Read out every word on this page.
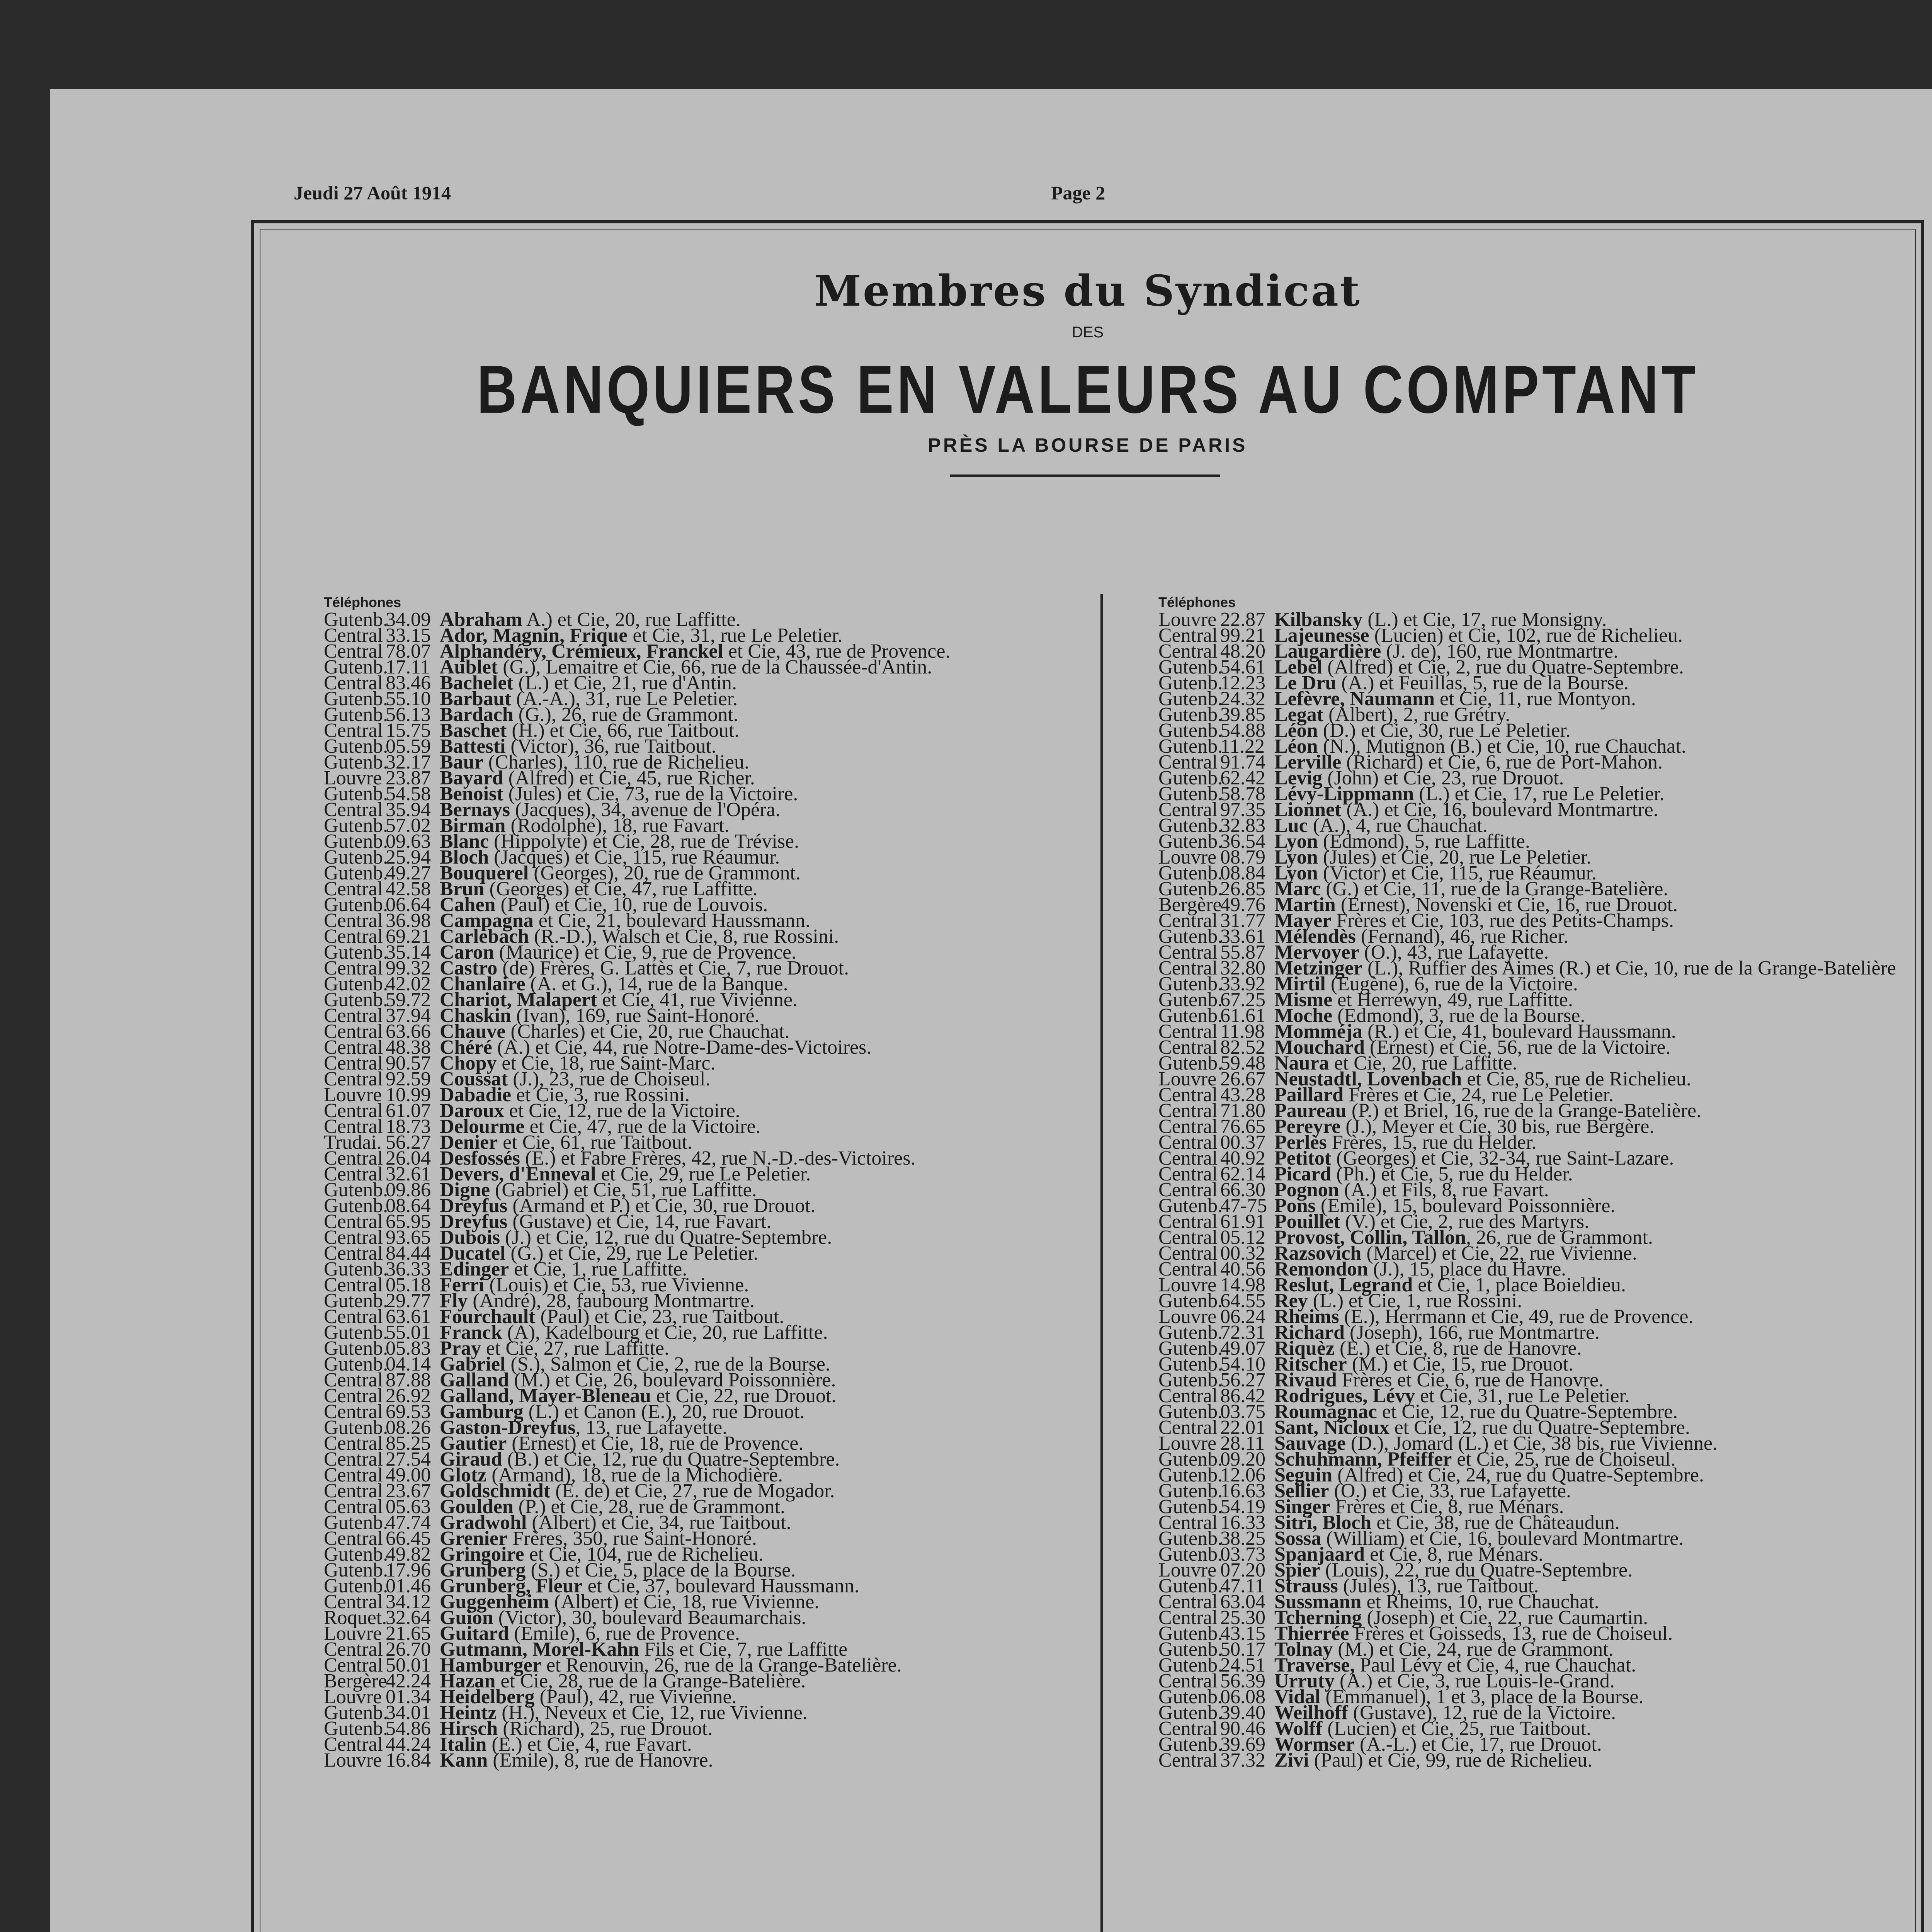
Jeudi 27 Août 1914	Page 2
Membres du Syndicat
DES
BANQUIERS EN VALEURS AU COMPTANT
PRÈS LA BOURSE DE PARIS
Téléphones	Téléphones
Gutenb.34.09 Abraham A.) et Cie, 20, rue Laffitte.
Central 33.15 Ador, Magnin, Frique et Cie, 31, rue Le Peletier.
Central 78.07 Alphandéry, Crémieux, Franckel et Cie, 43, rue de Provence.
Gutenb.17.11 Aublet (G.), Lemaitre et Cie, 66, rue de la Chaussée-d'Antin.
Central 83.46 Bachelet (L.) et Cie, 21, rue d'Antin.
Gutenb.55.10 Barbaut (A.-A.), 31, rue Le Peletier.
Gutenb.56.13 Bardach (G.), 26, rue de Grammont.
Central 15.75 Baschet (H.) et Cie, 66, rue Taitbout.
Gutenb.05.59 Battesti (Victor), 36, rue Taitbout.
Gutenb.32.17 Baur (Charles), 110, rue de Richelieu.
Louvre 23.87 Bayard (Alfred) et Cie, 45, rue Richer.
Gutenb.54.58 Benoist (Jules) et Cie, 73, rue de la Victoire.
Central 35.94 Bernays (Jacques), 34, avenue de l'Opéra.
Gutenb.57.02 Birman (Rodolphe), 18, rue Favart.
Gutenb.09.63 Blanc (Hippolyte) et Cie, 28, rue de Trévise.
Gutenb.25.94 Bloch (Jacques) et Cie, 115, rue Réaumur.
Gutenb.49.27 Bouquerel (Georges), 20, rue de Grammont.
Central 42.58 Brun (Georges) et Cie, 47, rue Laffitte.
Gutenb.06.64 Cahen (Paul) et Cie, 10, rue de Louvois.
Central 36.98 Campagna et Cie, 21, boulevard Haussmann.
Central 69.21 Carlebach (R.-D.), Walsch et Cie, 8, rue Rossini.
Gutenb.35.14 Caron (Maurice) et Cie, 9, rue de Provence.
Central 99.32 Castro (de) Frères, G. Lattès et Cie, 7, rue Drouot.
Gutenb.42.02 Chanlaire (A. et G.), 14, rue de la Banque.
Gutenb.59.72 Chariot, Malapert et Cie, 41, rue Vivienne.
Central 37.94 Chaskin (Ivan), 169, rue Saint-Honoré.
Central 63.66 Chauve (Charles) et Cie, 20, rue Chauchat.
Central 48.38 Chéré (A.) et Cie, 44, rue Notre-Dame-des-Victoires.
Central 90.57 Chopy et Cie, 18, rue Saint-Marc.
Central 92.59 Coussat (J.), 23, rue de Choiseul.
Louvre 10.99 Dabadie et Cie, 3, rue Rossini.
Central 61.07 Daroux et Cie, 12, rue de la Victoire.
Central 18.73 Delourme et Cie, 47, rue de la Victoire.
Trudai. 56.27 Denier et Cie, 61, rue Taitbout.
Central 26.04 Desfossés (E.) et Fabre Frères, 42, rue N.-D.-des-Victoires.
Central 32.61 Devers, d'Enneval et Cie, 29, rue Le Peletier.
Gutenb.09.86 Digne (Gabriel) et Cie, 51, rue Laffitte.
Gutenb.08.64 Dreyfus (Armand et P.) et Cie, 30, rue Drouot.
Central 65.95 Dreyfus (Gustave) et Cie, 14, rue Favart.
Central 93.65 Dubois (J.) et Cie, 12, rue du Quatre-Septembre.
Central 84.44 Ducatel (G.) et Cie, 29, rue Le Peletier.
Gutenb.36.33 Edinger et Cie, 1, rue Laffitte.
Central 05.18 Ferri (Louis) et Cie, 53, rue Vivienne.
Gutenb.29.77 Fly (André), 28, faubourg Montmartre.
Central 63.61 Fourchault (Paul) et Cie, 23, rue Taitbout.
Gutenb.55.01 Franck (A), Kadelbourg et Cie, 20, rue Laffitte.
Gutenb.05.83 Pray et Cie, 27, rue Laffitte.
Gutenb.04.14 Gabriel (S.), Salmon et Cie, 2, rue de la Bourse.
Central 87.88 Galland (M.) et Cie, 26, boulevard Poissonnière.
Central 26.92 Galland, Mayer-Bleneau et Cie, 22, rue Drouot.
Central 69.53 Gamburg (L.) et Canon (E.), 20, rue Drouot.
Gutenb.08.26 Gaston-Dreyfus, 13, rue Lafayette.
Central 85.25 Gautier (Ernest) et Cie, 18, rue de Provence.
Central 27.54 Giraud (B.) et Cie, 12, rue du Quatre-Septembre.
Central 49.00 Glotz (Armand), 18, rue de la Michodière.
Central 23.67 Goldschmidt (E. de) et Cie, 27, rue de Mogador.
Central 05.63 Goulden (P.) et Cie, 28, rue de Grammont.
Gutenb.47.74 Gradwohl (Albert) et Cie, 34, rue Taitbout.
Central 66.45 Grenier Frères, 350, rue Saint-Honoré.
Gutenb.49.82 Gringoire et Cie, 104, rue de Richelieu.
Gutenb.17.96 Grunberg (S.) et Cie, 5, place de la Bourse.
Gutenb.01.46 Grunberg, Fleur et Cie, 37, boulevard Haussmann.
Central 34.12 Guggenheim (Albert) et Cie, 18, rue Vivienne.
Roquet.32.64 Guion (Victor), 30, boulevard Beaumarchais.
Louvre 21.65 Guitard (Emile), 6, rue de Provence.
Central 26.70 Gutmann, Morel-Kahn Fils et Cie, 7, rue Laffitte
Central 50.01 Hamburger et Renouvin, 26, rue de la Grange-Batelière.
Bergère42.24 Hazan et Cie, 28, rue de la Grange-Batelière.
Louvre 01.34 Heidelberg (Paul), 42, rue Vivienne.
Gutenb.34.01 Heintz (H.), Neveux et Cie, 12, rue Vivienne.
Gutenb.54.86 Hirsch (Richard), 25, rue Drouot.
Central 44.24 Italin (E.) et Cie, 4, rue Favart.
Louvre 16.84 Kann (Emile), 8, rue de Hanovre.
Louvre 22.87 Kilbansky (L.) et Cie, 17, rue Monsigny.
Central 99.21 Lajeunesse (Lucien) et Cie, 102, rue de Richelieu.
Central 48.20 Laugardière (J. de), 160, rue Montmartre.
Gutenb.54.61 Lebel (Alfred) et Cie, 2, rue du Quatre-Septembre.
Gutenb.12.23 Le Dru (A.) et Feuillas, 5, rue de la Bourse.
Gutenb.24.32 Lefèvre, Naumann et Cie, 11, rue Montyon.
Gutenb.39.85 Legat (Albert), 2, rue Grétry.
Gutenb.54.88 Léon (D.) et Cie, 30, rue Le Peletier.
Gutenb.11.22 Léon (N.), Mutignon (B.) et Cie, 10, rue Chauchat.
Central 91.74 Lerville (Richard) et Cie, 6, rue de Port-Mahon.
Gutenb.62.42 Levig (John) et Cie, 23, rue Drouot.
Gutenb.58.78 Lévy-Lippmann (L.) et Cie, 17, rue Le Peletier.
Central 97.35 Lionnet (A.) et Cie, 16, boulevard Montmartre.
Gutenb.32.83 Luc (A.), 4, rue Chauchat.
Gutenb.36.54 Lyon (Edmond), 5, rue Laffitte.
Louvre 08.79 Lyon (Jules) et Cie, 20, rue Le Peletier.
Gutenb.08.84 Lyon (Victor) et Cie, 115, rue Réaumur.
Gutenb.26.85 Marc (G.) et Cie, 11, rue de la Grange-Batelière.
Bergère49.76 Martin (Ernest), Novenski et Cie, 16, rue Drouot.
Central 31.77 Mayer Frères et Cie, 103, rue des Petits-Champs.
Gutenb.33.61 Mélendès (Fernand), 46, rue Richer.
Central 55.87 Mervoyer (O.), 43, rue Lafayette.
Central 32.80 Metzinger (L.), Ruffier des Aimes (R.) et Cie, 10, rue de la Grange-Batelière
Gutenb.33.92 Mirtil (Eugène), 6, rue de la Victoire.
Gutenb.67.25 Misme et Herrewyn, 49, rue Laffitte.
Gutenb.61.61 Moche (Edmond), 3, rue de la Bourse.
Central 11.98 Momméja (R.) et Cie, 41, boulevard Haussmann.
Central 82.52 Mouchard (Ernest) et Cie, 56, rue de la Victoire.
Gutenb.59.48 Naura et Cie, 20, rue Laffitte.
Louvre 26.67 Neustadtl, Lovenbach et Cie, 85, rue de Richelieu.
Central 43.28 Paillard Frères et Cie, 24, rue Le Peletier.
Central 71.80 Paureau (P.) et Briel, 16, rue de la Grange-Batelière.
Central 76.65 Pereyre (J.), Meyer et Cie, 30 bis, rue Bergère.
Central 00.37 Perlès Frères, 15, rue du Helder.
Central 40.92 Petitot (Georges) et Cie, 32-34, rue Saint-Lazare.
Central 62.14 Picard (Ph.) et Cie, 5, rue du Helder.
Central 66.30 Pognon (A.) et Fils, 8, rue Favart.
Gutenb.47-75 Pons (Emile), 15, boulevard Poissonnière.
Central 61.91 Pouillet (V.) et Cie, 2, rue des Martyrs.
Central 05.12 Provost, Collin, Tallon, 26, rue de Grammont.
Central 00.32 Razsovich (Marcel) et Cie, 22, rue Vivienne.
Central 40.56 Remondon (J.), 15, place du Havre.
Louvre 14.98 Reslut, Legrand et Cie, 1, place Boieldieu.
Gutenb.64.55 Rey (L.) et Cie, 1, rue Rossini.
Louvre 06.24 Rheims (E.), Herrmann et Cie, 49, rue de Provence.
Gutenb.72.31 Richard (Joseph), 166, rue Montmartre.
Gutenb.49.07 Riquèz (E.) et Cie, 8, rue de Hanovre.
Gutenb.54.10 Ritscher (M.) et Cie, 15, rue Drouot.
Gutenb.56.27 Rivaud Frères et Cie, 6, rue de Hanovre.
Central 86.42 Rodrigues, Lévy et Cie, 31, rue Le Peletier.
Gutenb.03.75 Roumagnac et Cie, 12, rue du Quatre-Septembre.
Central 22.01 Sant, Nicloux et Cie, 12, rue du Quatre-Septembre.
Louvre 28.11 Sauvage (D.), Jomard (L.) et Cie, 38 bis, rue Vivienne.
Gutenb.09.20 Schuhmann, Pfeiffer et Cie, 25, rue de Choiseul.
Gutenb.12.06 Seguin (Alfred) et Cie, 24, rue du Quatre-Septembre.
Gutenb.16.63 Sellier (O.) et Cie, 33, rue Lafayette.
Gutenb.54.19 Singer Frères et Cie, 8, rue Ménars.
Central 16.33 Sitri, Bloch et Cie, 38, rue de Châteaudun.
Gutenb.38.25 Sossa (William) et Cie, 16, boulevard Montmartre.
Gutenb.03.73 Spanjaard et Cie, 8, rue Ménars.
Louvre 07.20 Spier (Louis), 22, rue du Quatre-Septembre.
Gutenb.47.11 Strauss (Jules), 13, rue Taitbout.
Central 63.04 Sussmann et Rheims, 10, rue Chauchat.
Central 25.30 Tcherning (Joseph) et Cie, 22, rue Caumartin.
Gutenb.43.15 Thierrée Frères et Goisseds, 13, rue de Choiseul.
Gutenb.50.17 Tolnay (M.) et Cie, 24, rue de Grammont.
Gutenb.24.51 Traverse, Paul Lévy et Cie, 4, rue Chauchat.
Central 56.39 Urruty (A.) et Cie, 3, rue Louis-le-Grand.
Gutenb.06.08 Vidal (Emmanuel), 1 et 3, place de la Bourse.
Gutenb.39.40 Weilhoff (Gustave), 12, rue de la Victoire.
Central 90.46 Wolff (Lucien) et Cie, 25, rue Taitbout.
Gutenb.39.69 Wormser (A.-L.) et Cie, 17, rue Drouot.
Central 37.32 Zivi (Paul) et Cie, 99, rue de Richelieu.
